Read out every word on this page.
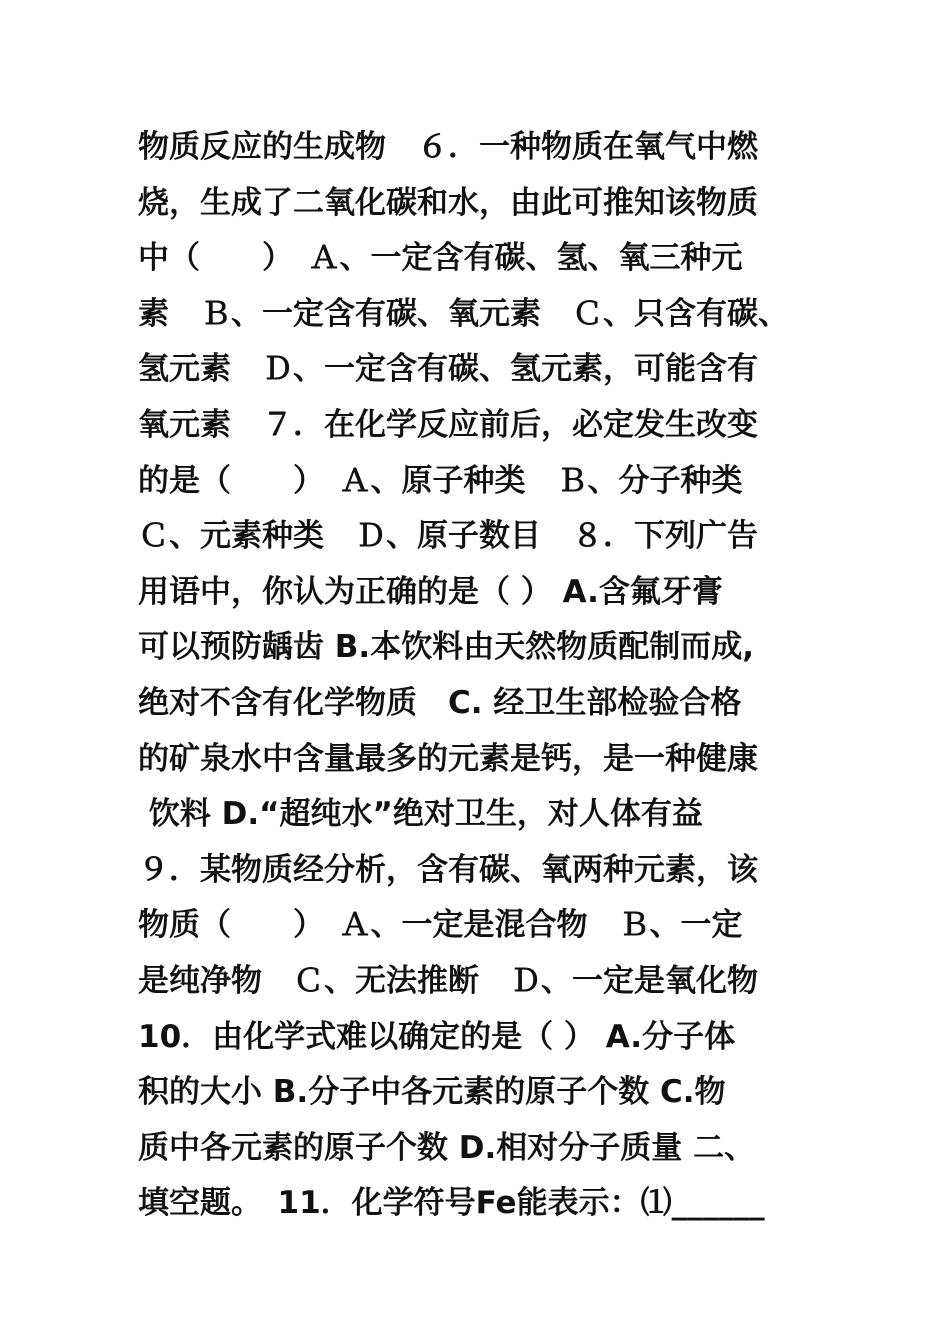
物质反应的生成物　６．一种物质在氧气中燃
烧，生成了二氧化碳和水，由此可推知该物质
中（　　）　Ａ、一定含有碳、氢、氧三种元
素　Ｂ、一定含有碳、氧元素　Ｃ、只含有碳、
氢元素　Ｄ、一定含有碳、氢元素，可能含有
氧元素　７．在化学反应前后，必定发生改变
的是（　　）　Ａ、原子种类　Ｂ、分子种类
Ｃ、元素种类　Ｄ、原子数目　８．下列广告
用语中，你认为正确的是（ ） A.含氟牙膏
可以预防龋齿 B.本饮料由天然物质配制而成,
绝对不含有化学物质　C. 经卫生部检验合格
的矿泉水中含量最多的元素是钙，是一种健康
饮料 D.“超纯水”绝对卫生，对人体有益
９．某物质经分析，含有碳、氧两种元素，该
物质（　　）　Ａ、一定是混合物　Ｂ、一定
是纯净物　Ｃ、无法推断　Ｄ、一定是氧化物
10．由化学式难以确定的是（ ） A.分子体
积的大小 B.分子中各元素的原子个数 C.物
质中各元素的原子个数 D.相对分子质量 二、
填空题。　11．化学符号Fe能表示：⑴______
